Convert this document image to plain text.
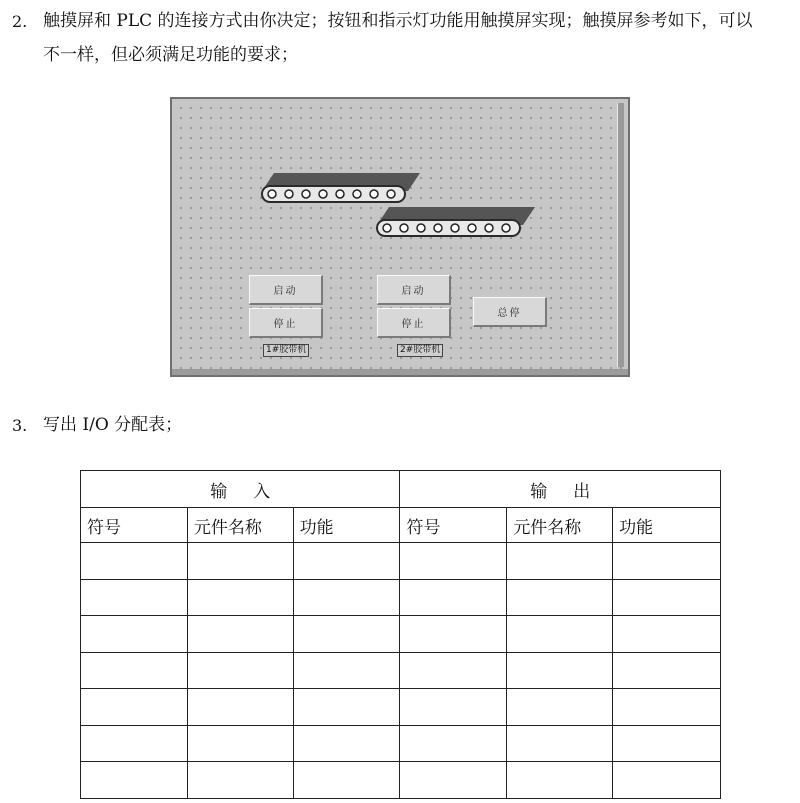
2. 触摸屏和 PLC 的连接方式由你决定；按钮和指示灯功能用触摸屏实现；触摸屏参考如下，可以
不一样，但必须满足功能的要求；
启动
停止
1#胶带机
启动
停止
2#胶带机
总停
3. 写出 I/O 分配表；
输 入			输 出		
符号	元件名称	功能	符号	元件名称	功能
